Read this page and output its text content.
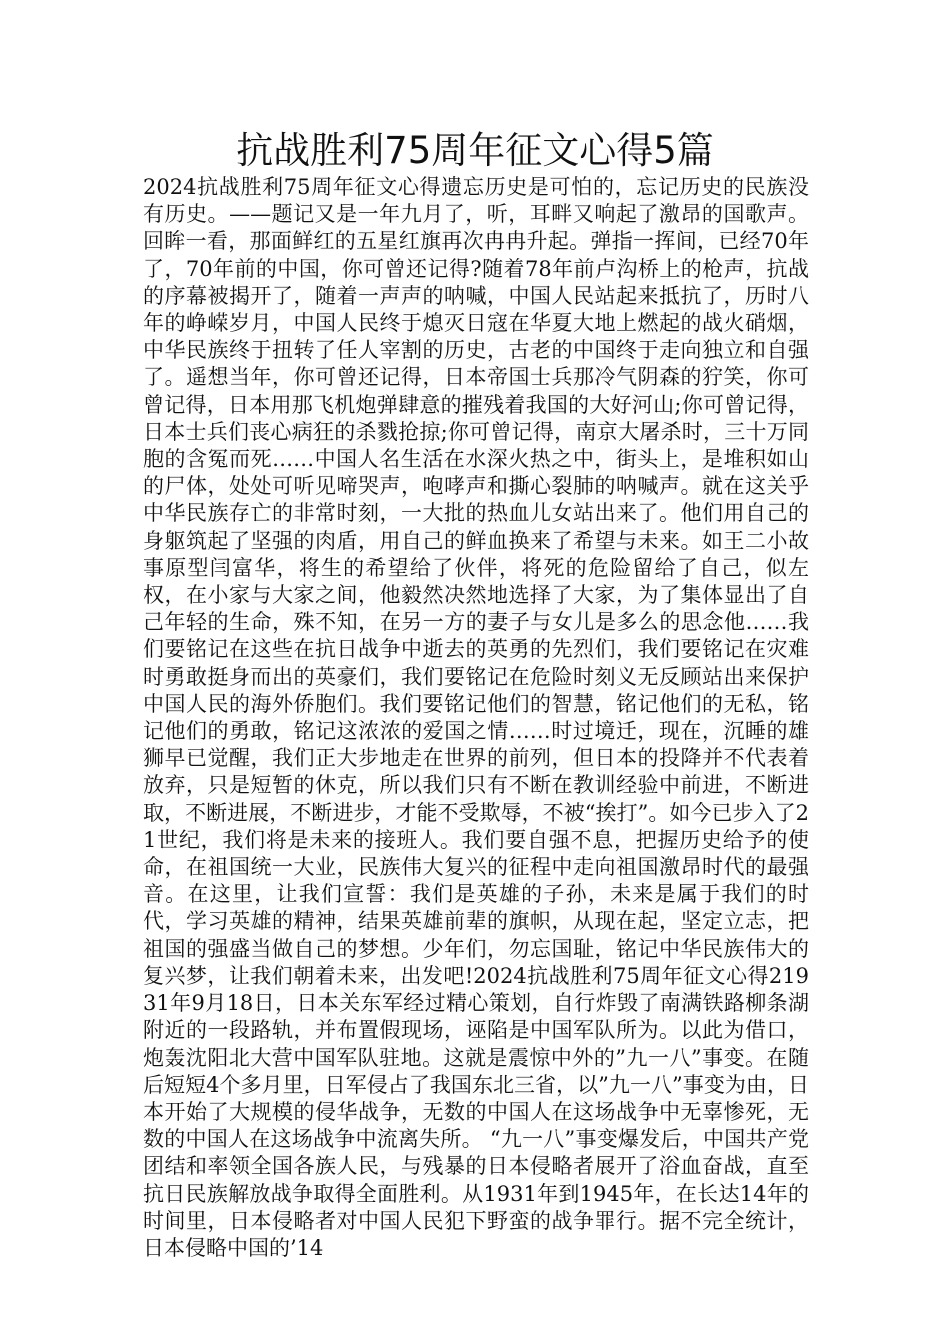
抗战胜利75周年征文心得5篇

2024抗战胜利75周年征文心得遗忘历史是可怕的，忘记历史的民族没有历史。——题记又是一年九月了，听，耳畔又响起了激昂的国歌声。回眸一看，那面鲜红的五星红旗再次冉冉升起。弹指一挥间，已经70年了，70年前的中国，你可曾还记得?随着78年前卢沟桥上的枪声，抗战的序幕被揭开了，随着一声声的呐喊，中国人民站起来抵抗了，历时八年的峥嵘岁月，中国人民终于熄灭日寇在华夏大地上燃起的战火硝烟，中华民族终于扭转了任人宰割的历史，古老的中国终于走向独立和自强了。遥想当年，你可曾还记得，日本帝国士兵那冷气阴森的狞笑，你可曾记得，日本用那飞机炮弹肆意的摧残着我国的大好河山;你可曾记得，日本士兵们丧心病狂的杀戮抢掠;你可曾记得，南京大屠杀时，三十万同胞的含冤而死……中国人名生活在水深火热之中，街头上，是堆积如山的尸体，处处可听见啼哭声，咆哮声和撕心裂肺的呐喊声。就在这关乎中华民族存亡的非常时刻，一大批的热血儿女站出来了。他们用自己的身躯筑起了坚强的肉盾，用自己的鲜血换来了希望与未来。如王二小故事原型闫富华，将生的希望给了伙伴，将死的危险留给了自己，似左权，在小家与大家之间，他毅然决然地选择了大家，为了集体显出了自己年轻的生命，殊不知，在另一方的妻子与女儿是多么的思念他……我们要铭记在这些在抗日战争中逝去的英勇的先烈们，我们要铭记在灾难时勇敢挺身而出的英豪们，我们要铭记在危险时刻义无反顾站出来保护中国人民的海外侨胞们。我们要铭记他们的智慧，铭记他们的无私，铭记他们的勇敢，铭记这浓浓的爱国之情……时过境迁，现在，沉睡的雄狮早已觉醒，我们正大步地走在世界的前列，但日本的投降并不代表着放弃，只是短暂的休克，所以我们只有不断在教训经验中前进，不断进取，不断进展，不断进步，才能不受欺辱，不被“挨打”。如今已步入了21世纪，我们将是未来的接班人。我们要自强不息，把握历史给予的使命，在祖国统一大业，民族伟大复兴的征程中走向祖国激昂时代的最强音。在这里，让我们宣誓：我们是英雄的子孙，未来是属于我们的时代，学习英雄的精神，结果英雄前辈的旗帜，从现在起，坚定立志，把祖国的强盛当做自己的梦想。少年们，勿忘国耻，铭记中华民族伟大的复兴梦，让我们朝着未来，出发吧!2024抗战胜利75周年征文心得21931年9月18日，日本关东军经过精心策划，自行炸毁了南满铁路柳条湖附近的一段路轨，并布置假现场，诬陷是中国军队所为。以此为借口，炮轰沈阳北大营中国军队驻地。这就是震惊中外的”九一八”事变。在随后短短4个多月里，日军侵占了我国东北三省，以”九一八”事变为由，日本开始了大规模的侵华战争，无数的中国人在这场战争中无辜惨死，无数的中国人在这场战争中流离失所。 “九一八”事变爆发后，中国共产党团结和率领全国各族人民，与残暴的日本侵略者展开了浴血奋战，直至抗日民族解放战争取得全面胜利。从1931年到1945年，在长达14年的时间里，日本侵略者对中国人民犯下野蛮的战争罪行。据不完全统计，日本侵略中国的’14
